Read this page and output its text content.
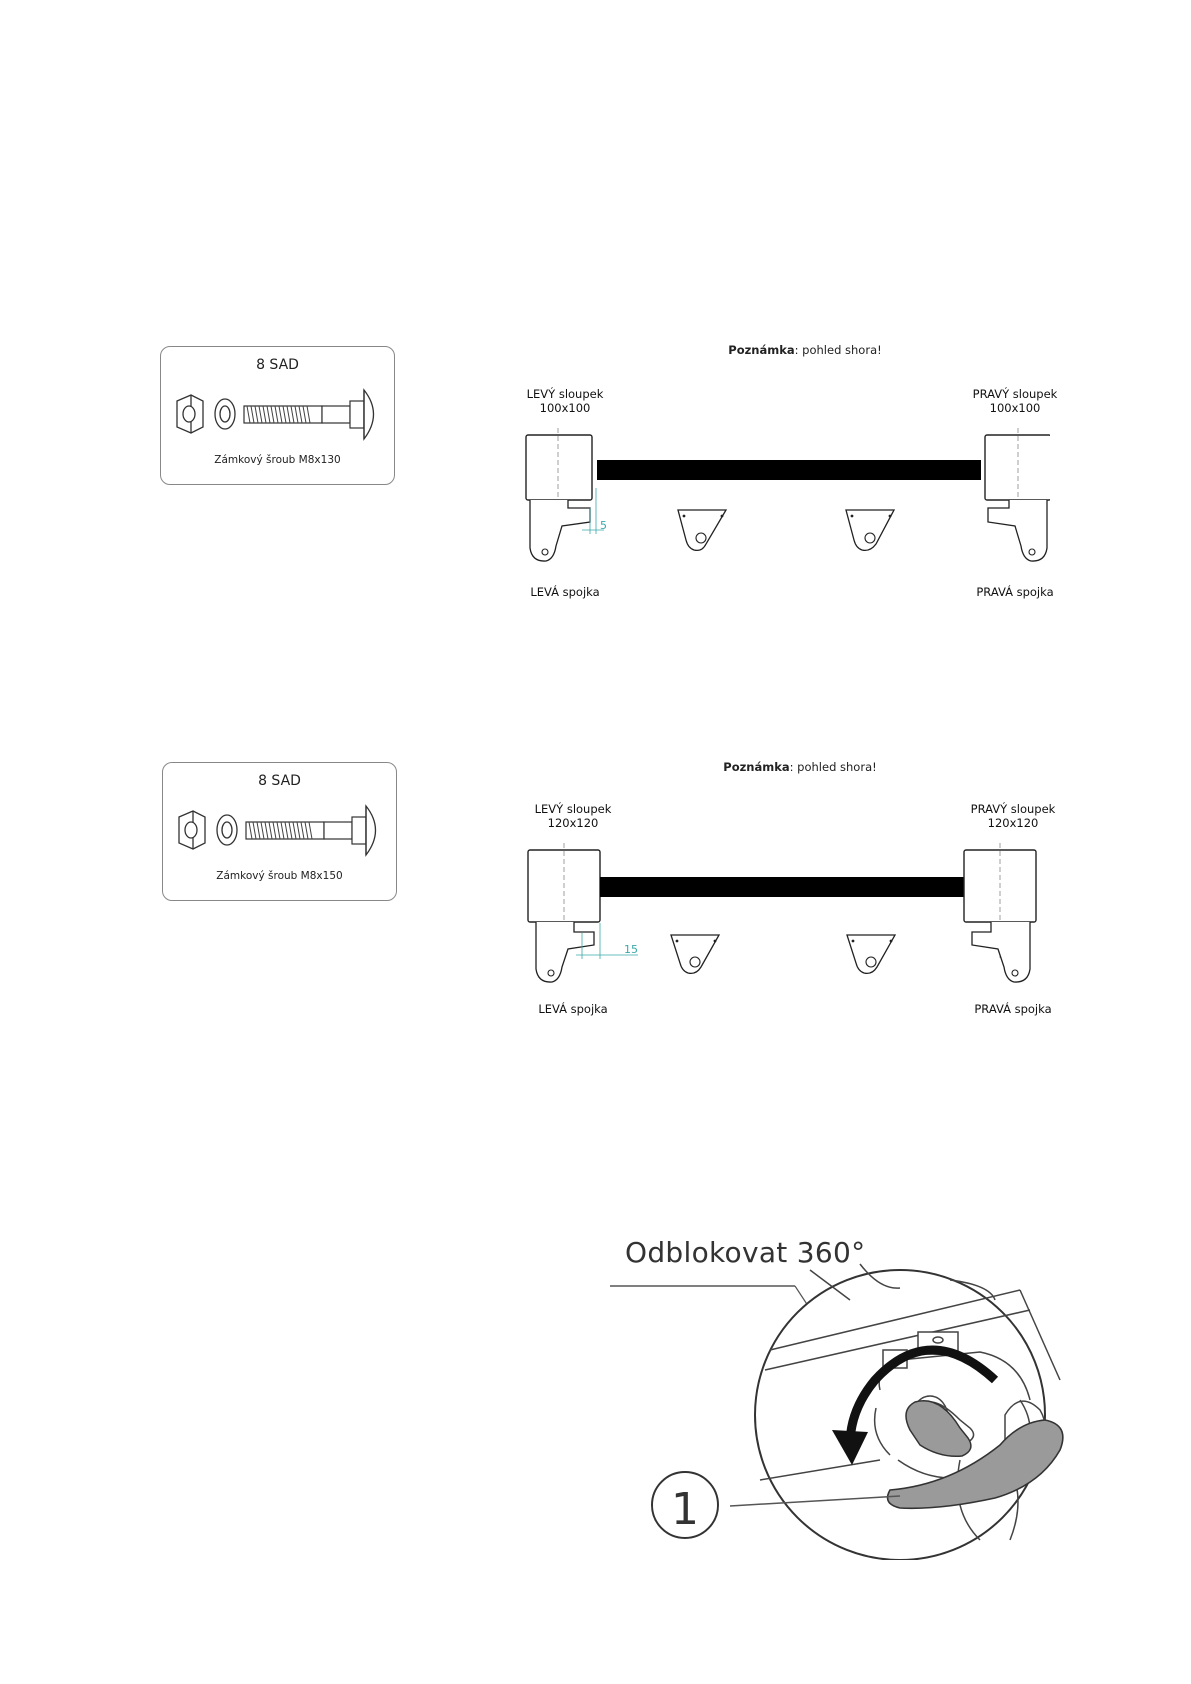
8 SAD
Zámkový šroub M8x130
Poznámka: pohled shora!
LEVÝ sloupek
100x100
PRAVÝ sloupek
100x100
5
LEVÁ spojka	PRAVÁ spojka
8 SAD
Zámkový šroub M8x150
Poznámka: pohled shora!
LEVÝ sloupek
120x120
PRAVÝ sloupek
120x120
15
LEVÁ spojka	PRAVÁ spojka
Odblokovat 360°
1
